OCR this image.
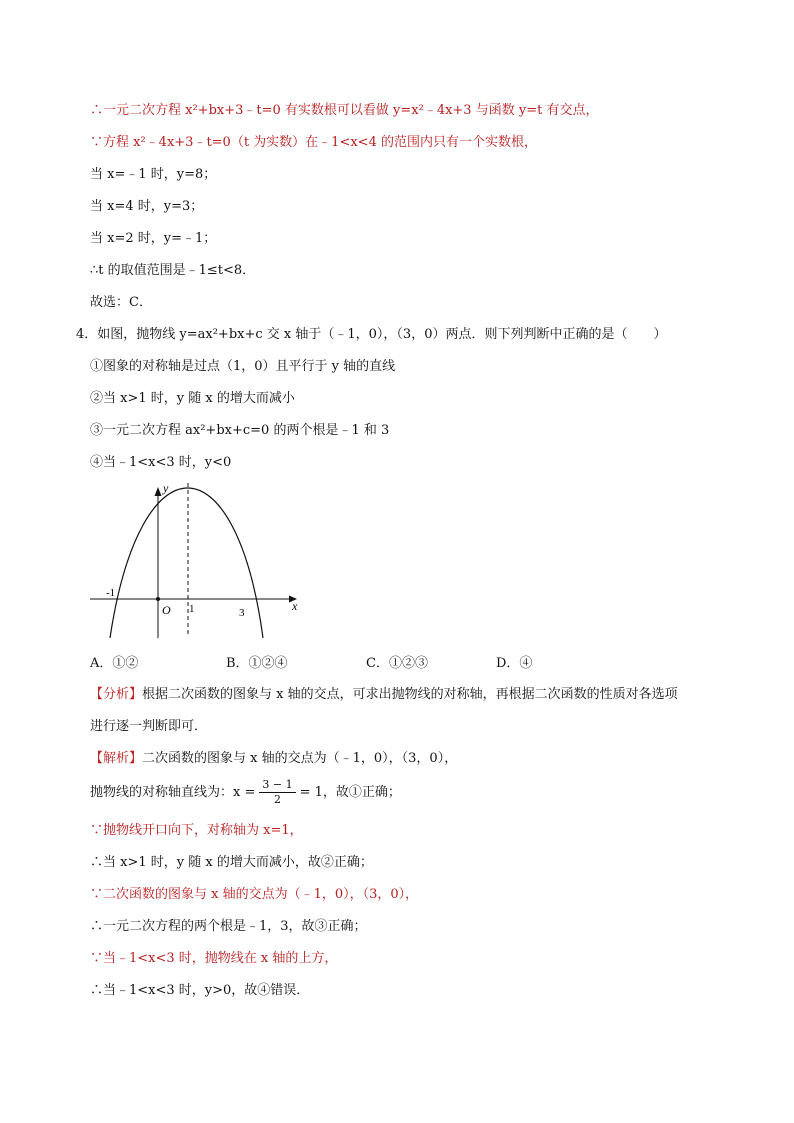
∴一元二次方程 x²+bx+3﹣t=0 有实数根可以看做 y=x²﹣4x+3 与函数 y=t 有交点，
∵方程 x²﹣4x+3﹣t=0（t 为实数）在﹣1<x<4 的范围内只有一个实数根，
当 x=﹣1 时，y=8；
当 x=4 时，y=3；
当 x=2 时，y=﹣1；
∴t 的取值范围是﹣1≤t<8．
故选：C．
4．如图，抛物线 y=ax²+bx+c 交 x 轴于（﹣1，0），（3，0）两点．则下列判断中正确的是（　　）
①图象的对称轴是过点（1，0）且平行于 y 轴的直线
②当 x>1 时，y 随 x 的增大而减小
③一元二次方程 ax²+bx+c=0 的两个根是﹣1 和 3
④当﹣1<x<3 时，y<0
y
x
O
-1
1	3
A．①②	B．①②④	C．①②③	D．④
【分析】根据二次函数的图象与 x 轴的交点，可求出抛物线的对称轴，再根据二次函数的性质对各选项
进行逐一判断即可．
【解析】二次函数的图象与 x 轴的交点为（﹣1，0），（3，0），
抛物线的对称轴直线为：$x = \frac{3 - 1}{2} = 1$，故①正确；
∵抛物线开口向下，对称轴为 x=1，
∴当 x>1 时，y 随 x 的增大而减小，故②正确；
∵二次函数的图象与 x 轴的交点为（﹣1，0），（3，0），
∴一元二次方程的两个根是﹣1，3，故③正确；
∵当﹣1<x<3 时，抛物线在 x 轴的上方，
∴当﹣1<x<3 时，y>0，故④错误．
